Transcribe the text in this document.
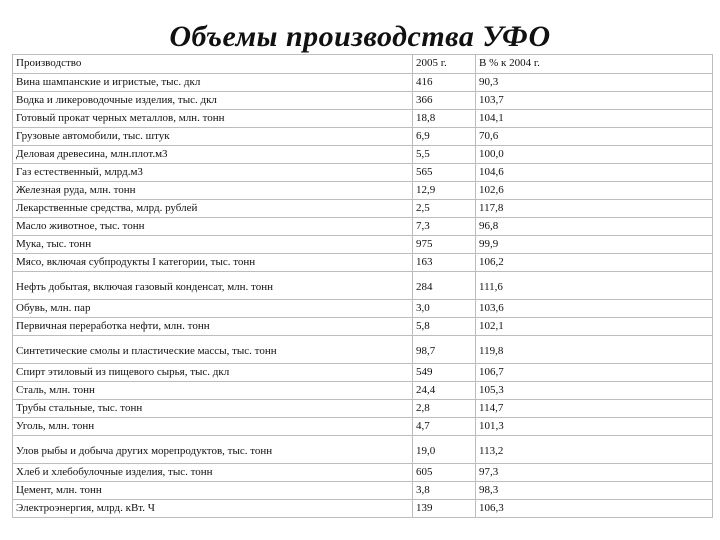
Объемы производства УФО
Производство	2005 г.	В % к 2004 г.
Вина шампанские и игристые, тыс. дкл	416	90,3
Водка и ликероводочные изделия, тыс. дкл	366	103,7
Готовый прокат черных металлов, млн. тонн	18,8	104,1
Грузовые автомобили, тыс. штук	6,9	70,6
Деловая древесина, млн.плот.м3	5,5	100,0
Газ естественный, млрд.м3	565	104,6
Железная руда, млн. тонн	12,9	102,6
Лекарственные средства, млрд. рублей	2,5	117,8
Масло животное, тыс. тонн	7,3	96,8
Мука, тыс. тонн	975	99,9
Мясо, включая субпродукты I категории, тыс. тонн	163	106,2
Нефть добытая, включая газовый конденсат, млн. тонн	284	111,6
Обувь, млн. пар	3,0	103,6
Первичная переработка нефти, млн. тонн	5,8	102,1
Синтетические смолы и пластические массы, тыс. тонн	98,7	119,8
Спирт этиловый из пищевого сырья, тыс. дкл	549	106,7
Сталь, млн. тонн	24,4	105,3
Трубы стальные, тыс. тонн	2,8	114,7
Уголь, млн. тонн	4,7	101,3
Улов рыбы и добыча других морепродуктов, тыс. тонн	19,0	113,2
Хлеб и хлебобулочные изделия, тыс. тонн	605	97,3
Цемент, млн. тонн	3,8	98,3
Электроэнергия, млрд. кВт. Ч	139	106,3
